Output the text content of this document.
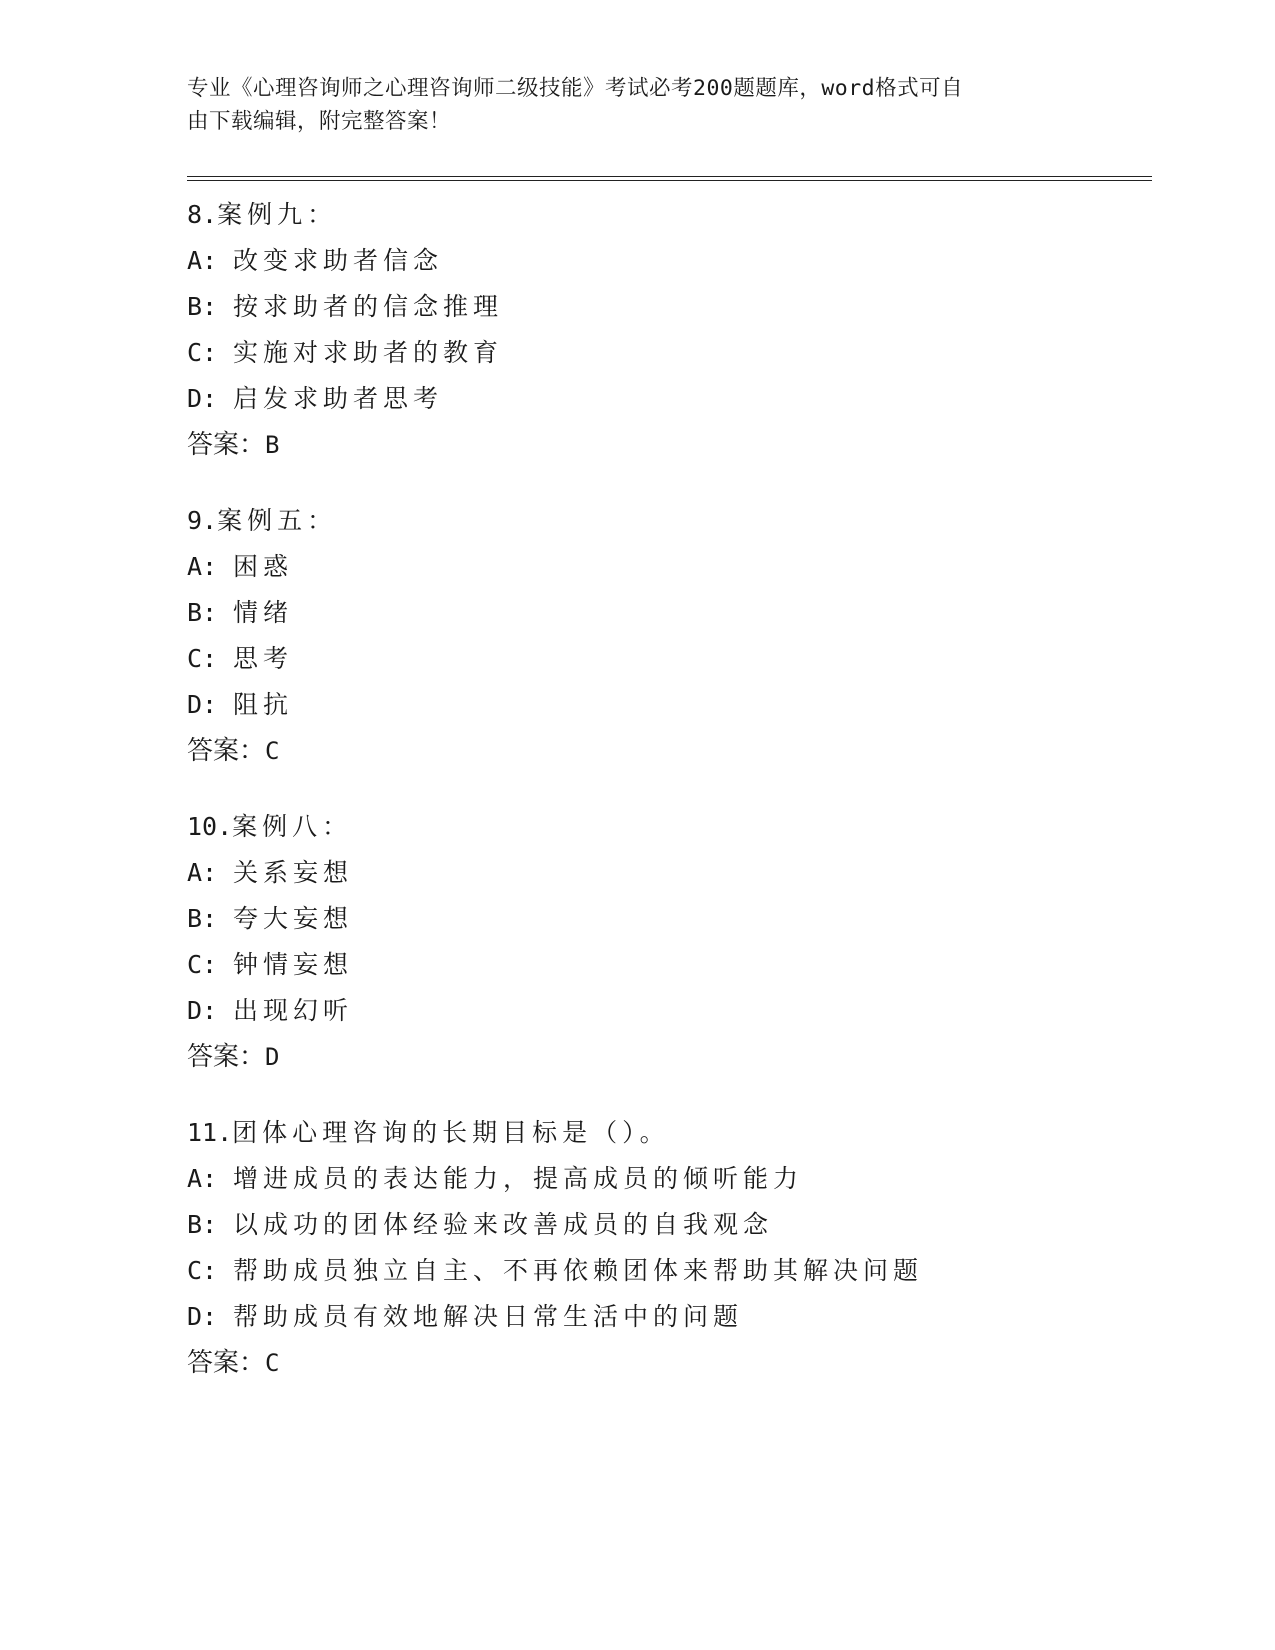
专业《心理咨询师之心理咨询师二级技能》考试必考200题题库，word格式可自
由下载编辑，附完整答案！
8.案例九：
A: 改变求助者信念
B: 按求助者的信念推理
C: 实施对求助者的教育
D: 启发求助者思考
答案：B
9.案例五：
A: 困惑
B: 情绪
C: 思考
D: 阻抗
答案：C
10.案例八：
A: 关系妄想
B: 夸大妄想
C: 钟情妄想
D: 出现幻听
答案：D
11.团体心理咨询的长期目标是（）。
A: 增进成员的表达能力，提高成员的倾听能力
B: 以成功的团体经验来改善成员的自我观念
C: 帮助成员独立自主、不再依赖团体来帮助其解决问题
D: 帮助成员有效地解决日常生活中的问题
答案：C
